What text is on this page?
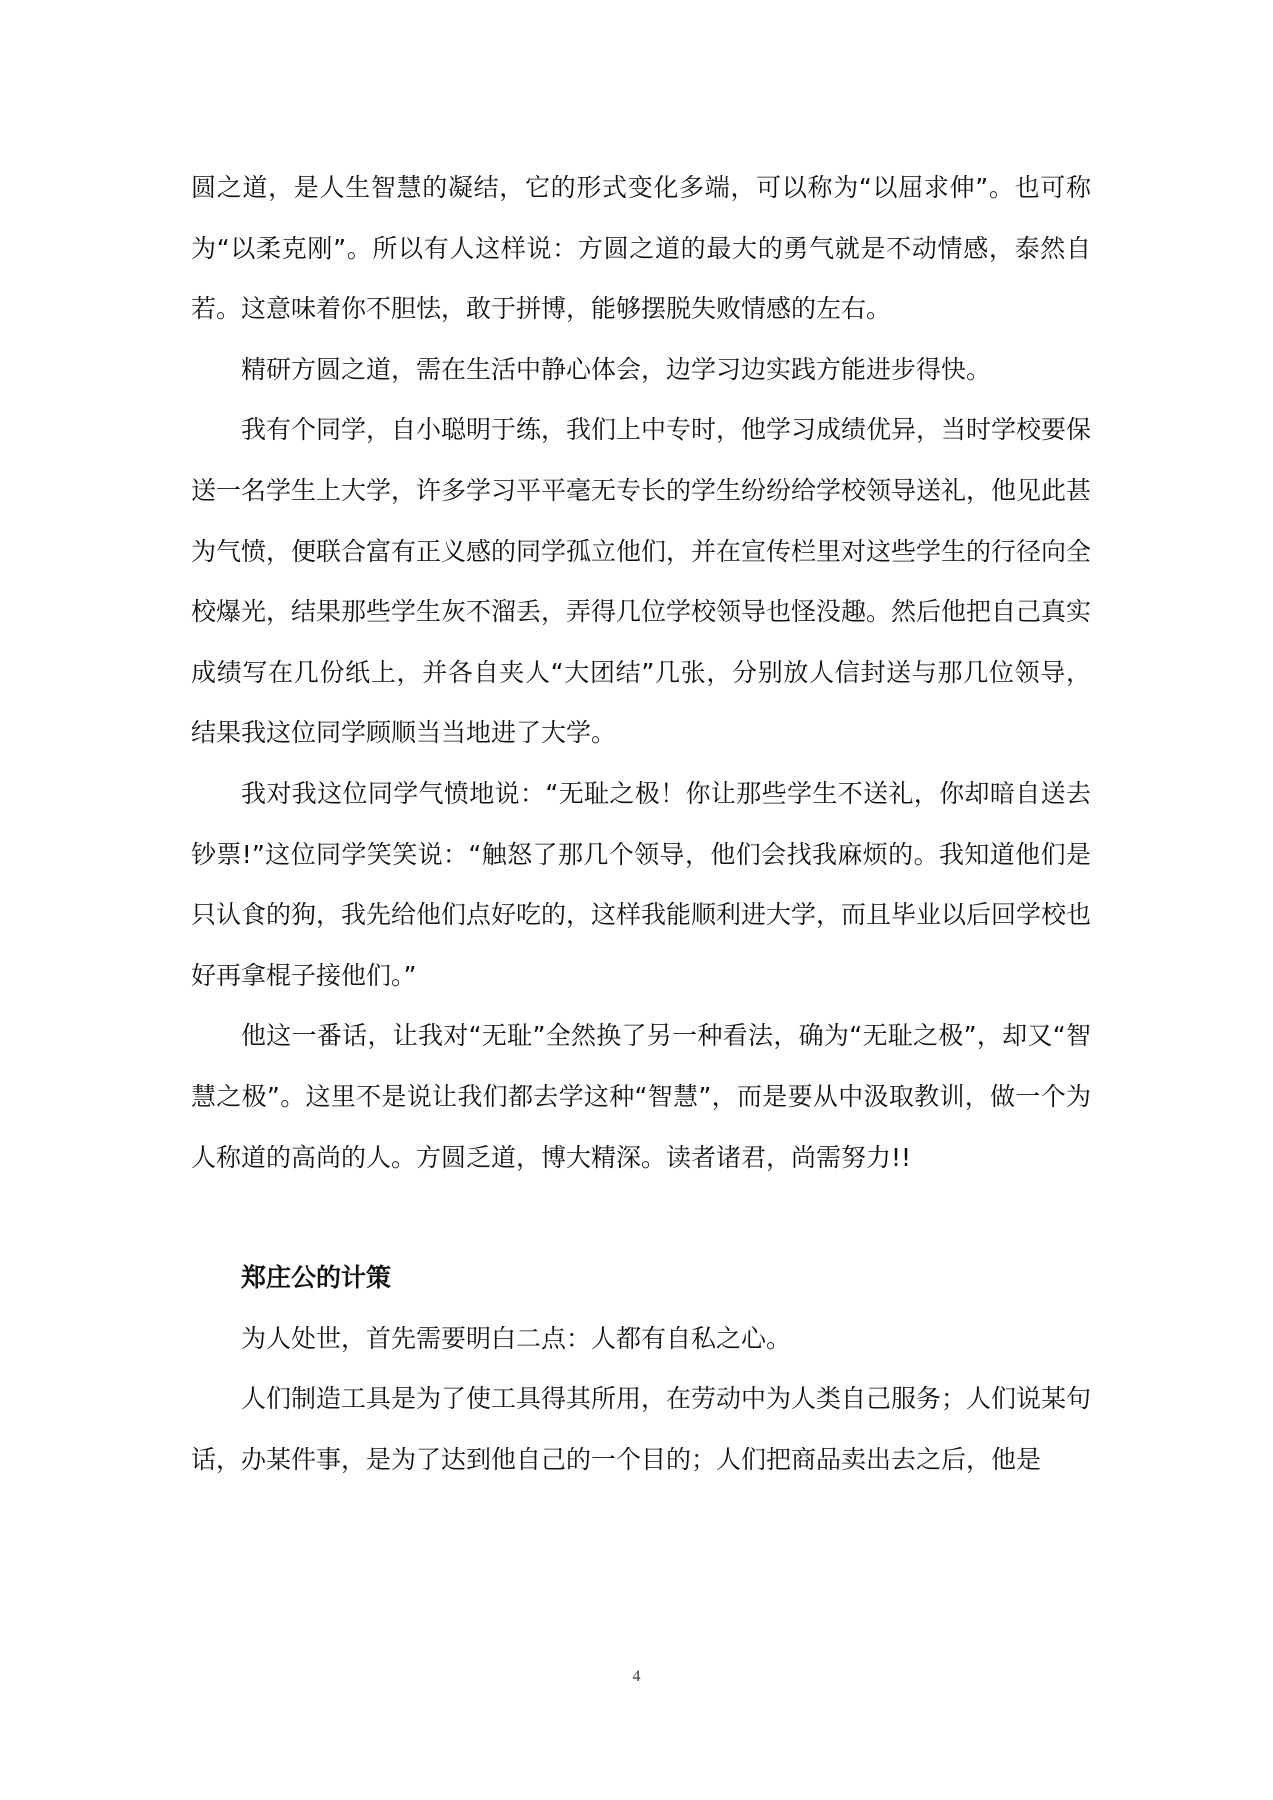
圆之道，是人生智慧的凝结，它的形式变化多端，可以称为“以屈求伸”。也可称为“以柔克刚”。所以有人这样说：方圆之道的最大的勇气就是不动情感，泰然自若。这意味着你不胆怯，敢于拼博，能够摆脱失败情感的左右。

精研方圆之道，需在生活中静心体会，边学习边实践方能进步得快。

我有个同学，自小聪明于练，我们上中专时，他学习成绩优异，当时学校要保送一名学生上大学，许多学习平平毫无专长的学生纷纷给学校领导送礼，他见此甚为气愤，便联合富有正义感的同学孤立他们，并在宣传栏里对这些学生的行径向全校爆光，结果那些学生灰不溜丢，弄得几位学校领导也怪没趣。然后他把自己真实成绩写在几份纸上，并各自夹人“大团结”几张，分别放人信封送与那几位领导，结果我这位同学顾顺当当地进了大学。

我对我这位同学气愤地说：“无耻之极！你让那些学生不送礼，你却暗自送去钞票!”这位同学笑笑说：“触怒了那几个领导，他们会找我麻烦的。我知道他们是只认食的狗，我先给他们点好吃的，这样我能顺利进大学，而且毕业以后回学校也好再拿棍子接他们。”

他这一番话，让我对“无耻”全然换了另一种看法，确为“无耻之极”，却又“智慧之极”。这里不是说让我们都去学这种“智慧”，而是要从中汲取教训，做一个为人称道的高尚的人。方圆乏道，博大精深。读者诸君，尚需努力!!

郑庄公的计策

为人处世，首先需要明白二点：人都有自私之心。

人们制造工具是为了使工具得其所用，在劳动中为人类自己服务；人们说某句话，办某件事，是为了达到他自己的一个目的；人们把商品卖出去之后，他是

4
